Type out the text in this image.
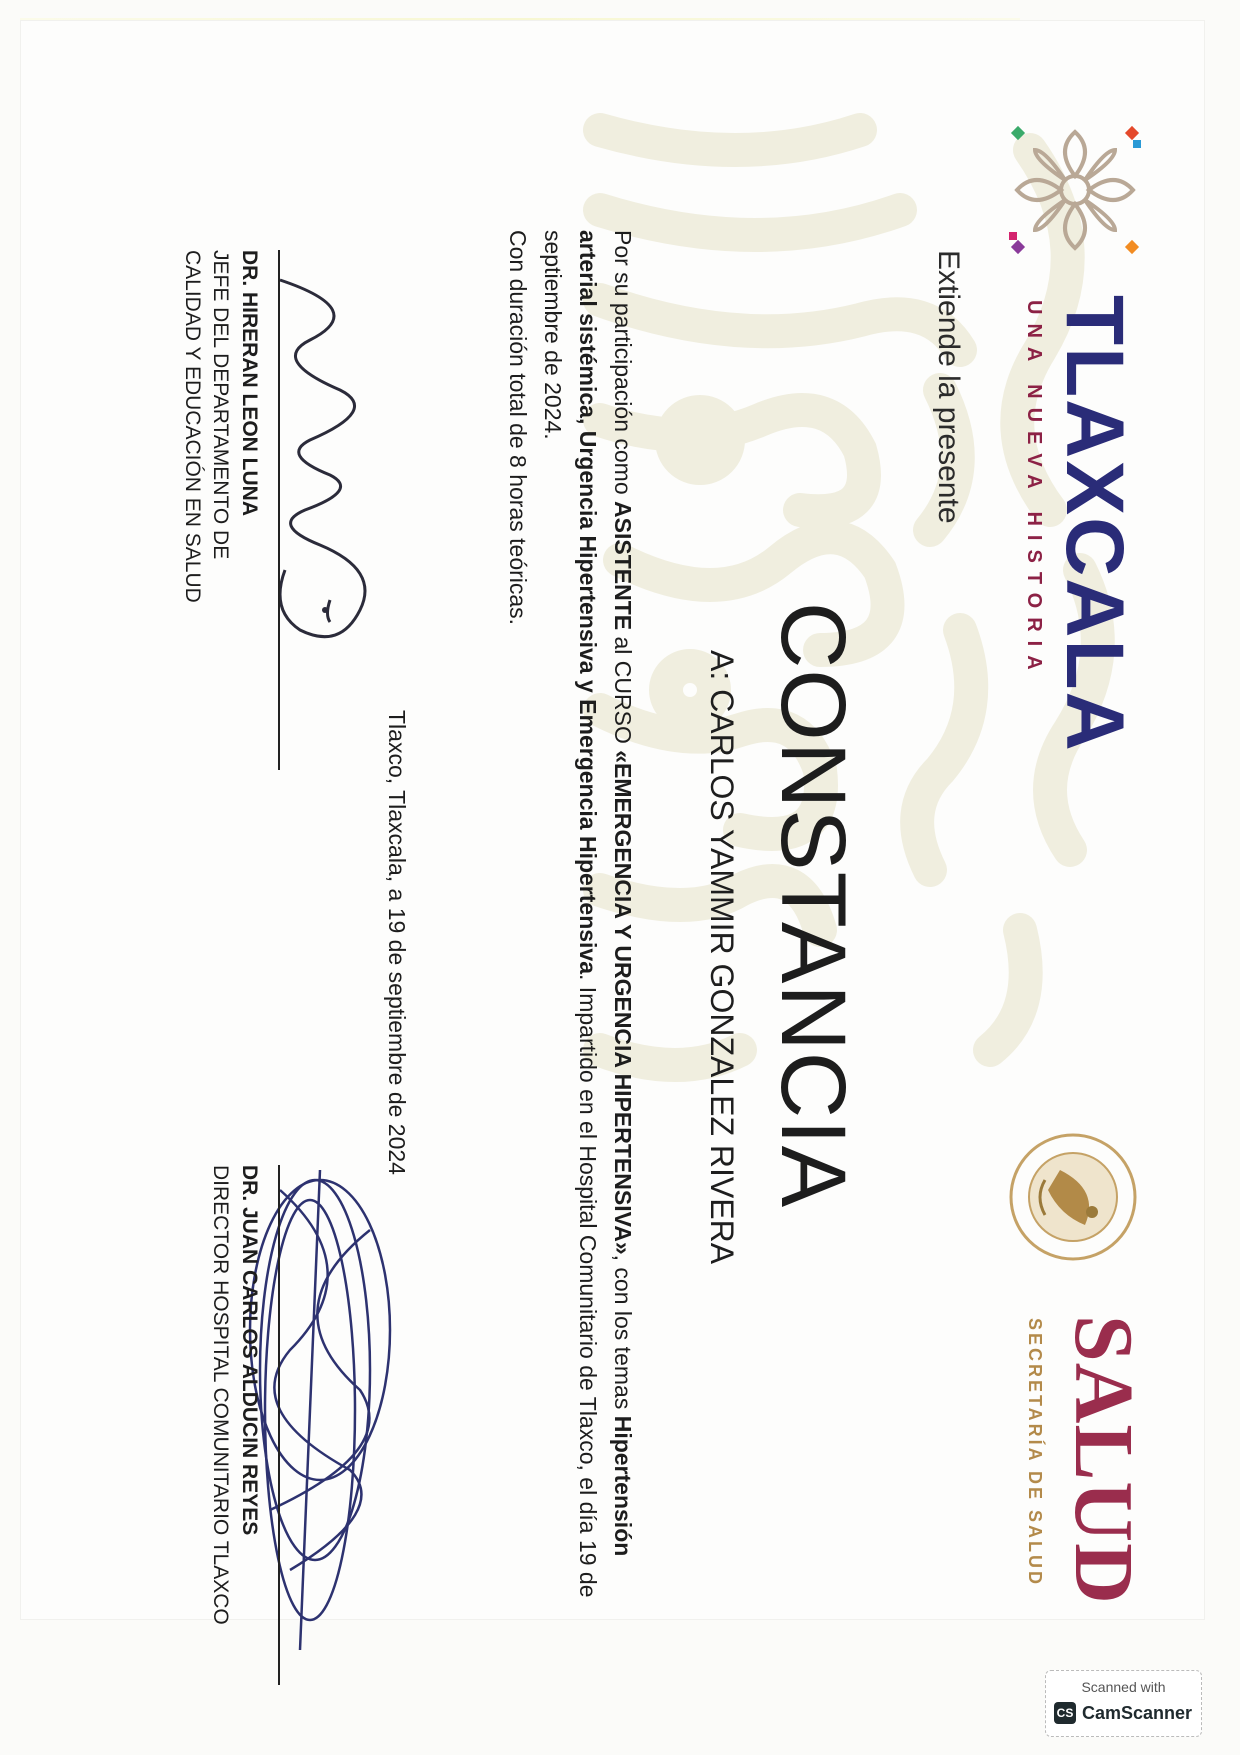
TLAXCALA
UNA NUEVA HISTORIA
SALUD
SECRETARÍA DE SALUD
Extiende la presente
CONSTANCIA
A: CARLOS YAMMIR GONZALEZ RIVERA
Por su participación como ASISTENTE al CURSO «EMERGENCIA Y URGENCIA HIPERTENSIVA», con los temas Hipertensión arterial sistémica, Urgencia Hipertensiva y Emergencia Hipertensiva. Impartido en el Hospital Comunitario de Tlaxco, el día 19 de septiembre de 2024.
Con duración total de 8 horas teóricas.
Tlaxco, Tlaxcala, a 19 de septiembre de 2024
DR. HIRERAN LEON LUNA
JEFE DEL DEPARTAMENTO DE
CALIDAD Y EDUCACIÓN EN SALUD
DR. JUAN CARLOS ALDUCIN REYES
DIRECTOR HOSPITAL COMUNITARIO TLAXCO
Scanned with
CS CamScanner
